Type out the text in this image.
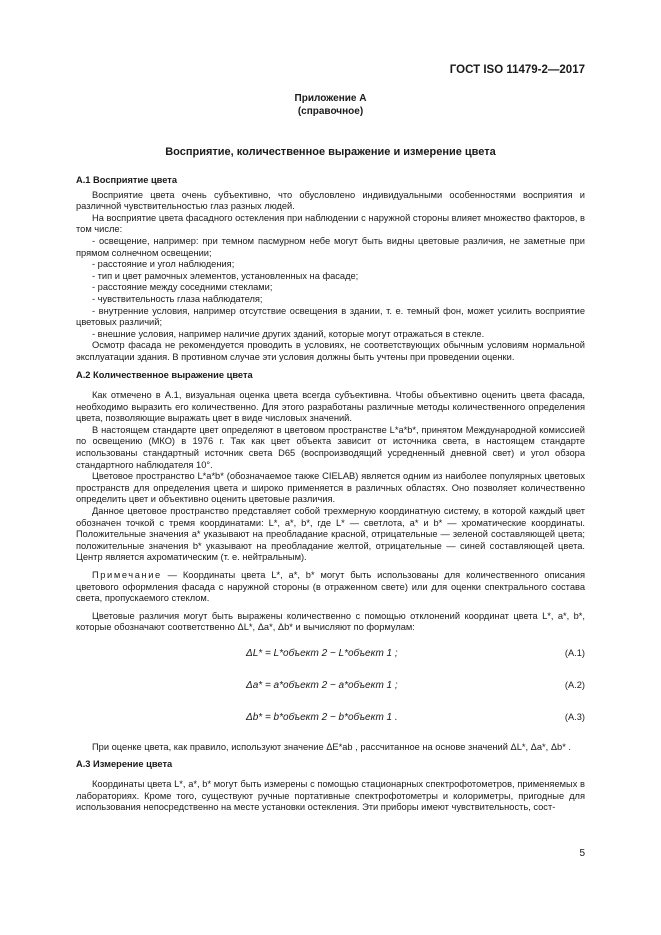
ГОСТ ISO 11479-2—2017
Приложение А
(справочное)
Восприятие, количественное выражение и измерение цвета
А.1 Восприятие цвета

Восприятие цвета очень субъективно, что обусловлено индивидуальными особенностями восприятия и различной чувствительностью глаз разных людей.

На восприятие цвета фасадного остекления при наблюдении с наружной стороны влияет множество факторов, в том числе:

- освещение, например: при темном пасмурном небе могут быть видны цветовые различия, не заметные при прямом солнечном освещении;

- расстояние и угол наблюдения;

- тип и цвет рамочных элементов, установленных на фасаде;

- расстояние между соседними стеклами;

- чувствительность глаза наблюдателя;

- внутренние условия, например отсутствие освещения в здании, т. е. темный фон, может усилить восприятие цветовых различий;

- внешние условия, например наличие других зданий, которые могут отражаться в стекле.

Осмотр фасада не рекомендуется проводить в условиях, не соответствующих обычным условиям нормальной эксплуатации здания. В противном случае эти условия должны быть учтены при проведении оценки.

А.2 Количественное выражение цвета

Как отмечено в А.1, визуальная оценка цвета всегда субъективна. Чтобы объективно оценить цвета фасада, необходимо выразить его количественно. Для этого разработаны различные методы количественного определения цвета, позволяющие выражать цвет в виде числовых значений.

В настоящем стандарте цвет определяют в цветовом пространстве L*a*b*, принятом Международной комиссией по освещению (МКО) в 1976 г. Так как цвет объекта зависит от источника света, в настоящем стандарте использованы стандартный источник света D65 (воспроизводящий усредненный дневной свет) и угол обзора стандартного наблюдателя 10°.

Цветовое пространство L*a*b* (обозначаемое также CIELAB) является одним из наиболее популярных цветовых пространств для определения цвета и широко применяется в различных областях. Оно позволяет количественно определить цвет и объективно оценить цветовые различия.

Данное цветовое пространство представляет собой трехмерную координатную систему, в которой каждый цвет обозначен точкой с тремя координатами: L*, a*, b*, где L* — светлота, a* и b* — хроматические координаты. Положительные значения a* указывают на преобладание красной, отрицательные — зеленой составляющей цвета; положительные значения b* указывают на преобладание желтой, отрицательные — синей составляющей цвета. Центр является ахроматическим (т. е. нейтральным).

Примечание — Координаты цвета L*, a*, b* могут быть использованы для количественного описания цветового оформления фасада с наружной стороны (в отраженном свете) или для оценки спектрального состава света, пропускаемого стеклом.

Цветовые различия могут быть выражены количественно с помощью отклонений координат цвета L*, a*, b*, которые обозначают соответственно ΔL*, Δa*, Δb* и вычисляют по формулам:

ΔL* = L*объект 2 − L*объект 1 ;	(А.1)
Δa* = a*объект 2 − a*объект 1 ;	(А.2)
Δb* = b*объект 2 − b*объект 1 .	(А.3)

При оценке цвета, как правило, используют значение ΔE*ab , рассчитанное на основе значений ΔL*, Δa*, Δb* .

А.3 Измерение цвета

Координаты цвета L*, a*, b* могут быть измерены с помощью стационарных спектрофотометров, применяемых в лабораториях. Кроме того, существуют ручные портативные спектрофотометры и колориметры, пригодные для использования непосредственно на месте установки остекления. Эти приборы имеют чувствительность, сост-

5
